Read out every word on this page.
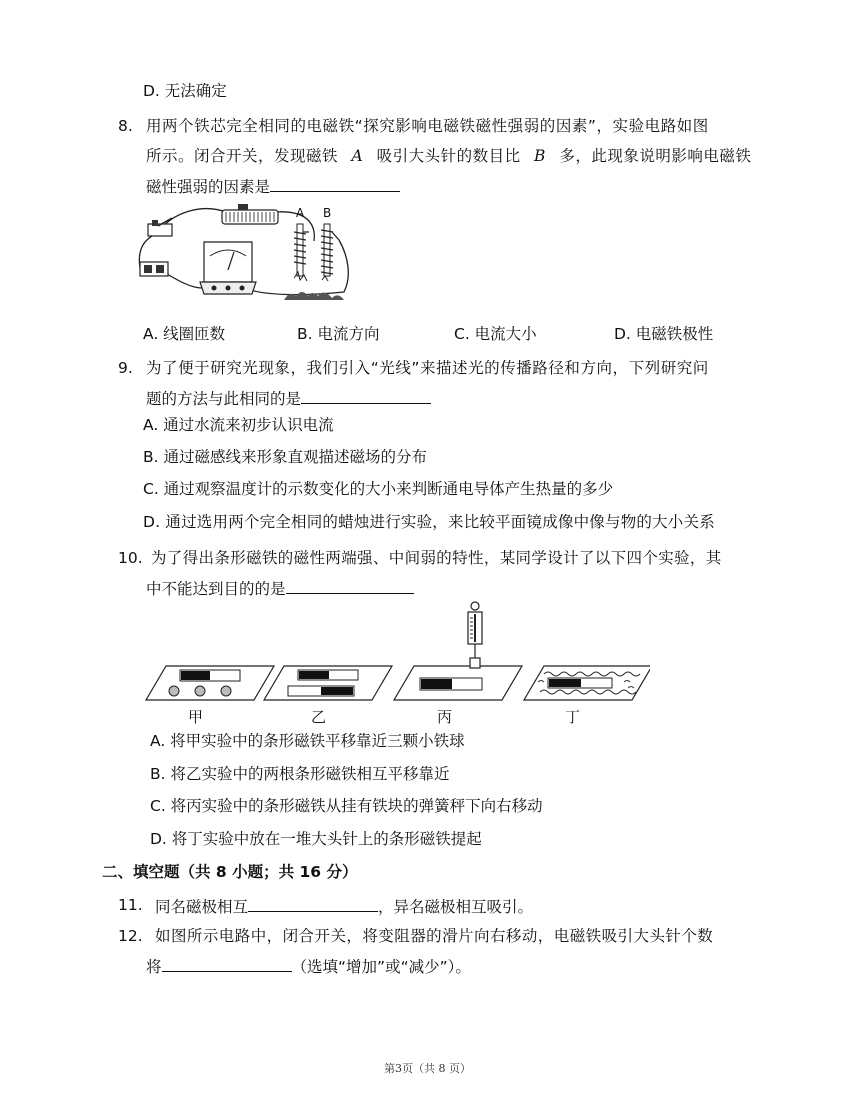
D. 无法确定
8. 用两个铁芯完全相同的电磁铁“探究影响电磁铁磁性强弱的因素”，实验电路如图
所示。闭合开关，发现磁铁 A 吸引大头针的数目比 B 多，此现象说明影响电磁铁
磁性强弱的因素是
A B
A. 线圈匝数	B. 电流方向	C. 电流大小	D. 电磁铁极性
9. 为了便于研究光现象，我们引入“光线”来描述光的传播路径和方向，下列研究问
题的方法与此相同的是
A. 通过水流来初步认识电流
B. 通过磁感线来形象直观描述磁场的分布
C. 通过观察温度计的示数变化的大小来判断通电导体产生热量的多少
D. 通过选用两个完全相同的蜡烛进行实验，来比较平面镜成像中像与物的大小关系
10. 为了得出条形磁铁的磁性两端强、中间弱的特性，某同学设计了以下四个实验，其
中不能达到目的的是
甲	乙	丙	丁
A. 将甲实验中的条形磁铁平移靠近三颗小铁球
B. 将乙实验中的两根条形磁铁相互平移靠近
C. 将丙实验中的条形磁铁从挂有铁块的弹簧秤下向右移动
D. 将丁实验中放在一堆大头针上的条形磁铁提起
二、填空题（共 8 小题；共 16 分）
11. 同名磁极相互	，异名磁极相互吸引。
12. 如图所示电路中，闭合开关，将变阻器的滑片向右移动，电磁铁吸引大头针个数
将	（选填“增加”或“减少”）。
第3页（共 8 页）
